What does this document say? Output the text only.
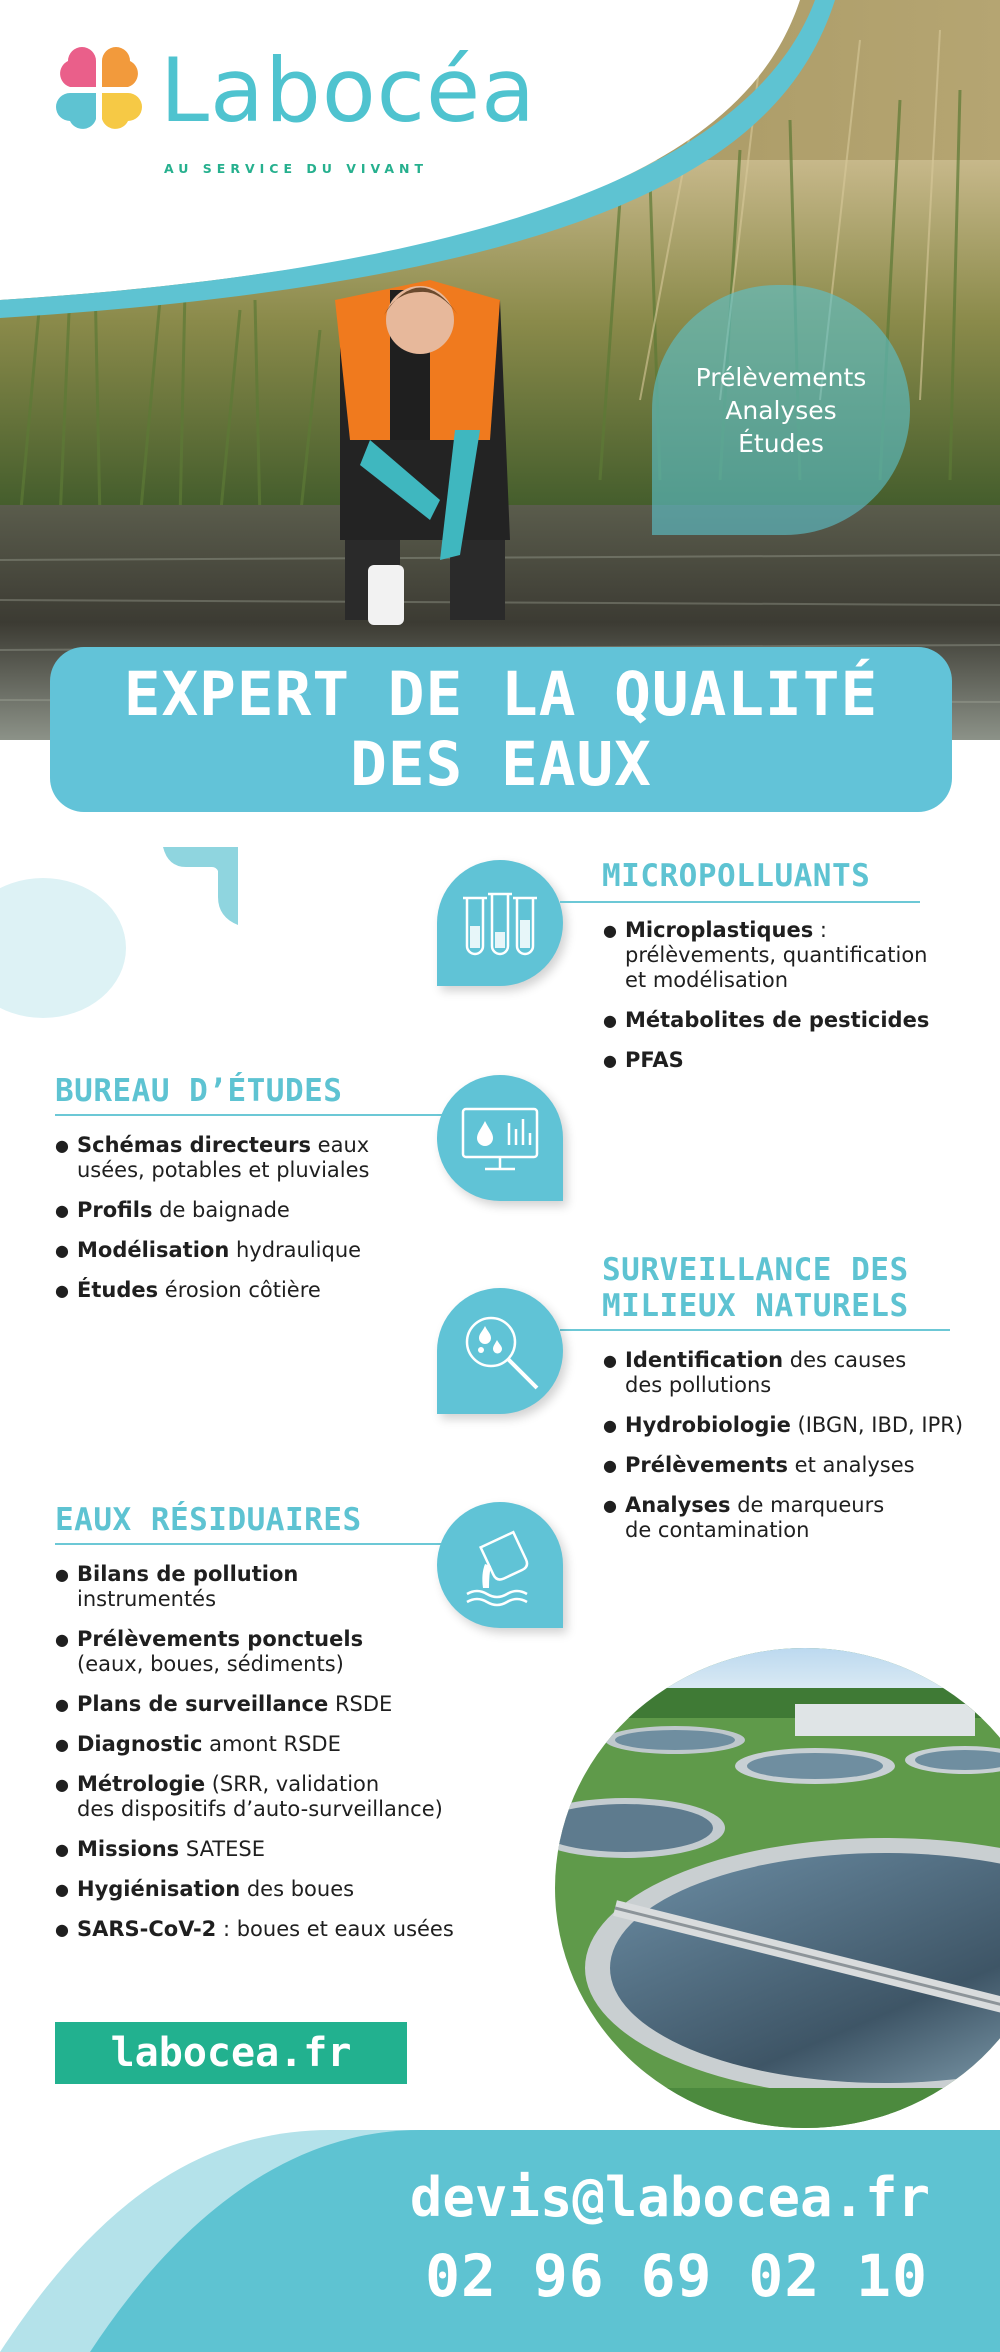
Labocéa
AU SERVICE DU VIVANT
Prélèvements
Analyses
Études
EXPERT DE LA QUALITÉ
DES EAUX
MICROPOLLUANTS
● Microplastiques :
prélèvements, quantification
et modélisation
● Métabolites de pesticides
● PFAS
BUREAU D’ÉTUDES
● Schémas directeurs eaux
usées, potables et pluviales
● Profils de baignade
● Modélisation hydraulique
● Études érosion côtière
SURVEILLANCE DES
MILIEUX NATURELS
● Identification des causes
des pollutions
● Hydrobiologie (IBGN, IBD, IPR)
● Prélèvements et analyses
● Analyses de marqueurs
de contamination
EAUX RÉSIDUAIRES
● Bilans de pollution
instrumentés
● Prélèvements ponctuels
(eaux, boues, sédiments)
● Plans de surveillance RSDE
● Diagnostic amont RSDE
● Métrologie (SRR, validation
des dispositifs d’auto-surveillance)
● Missions SATESE
● Hygiénisation des boues
● SARS-CoV-2 : boues et eaux usées
labocea.fr
devis@labocea.fr
02 96 69 02 10
